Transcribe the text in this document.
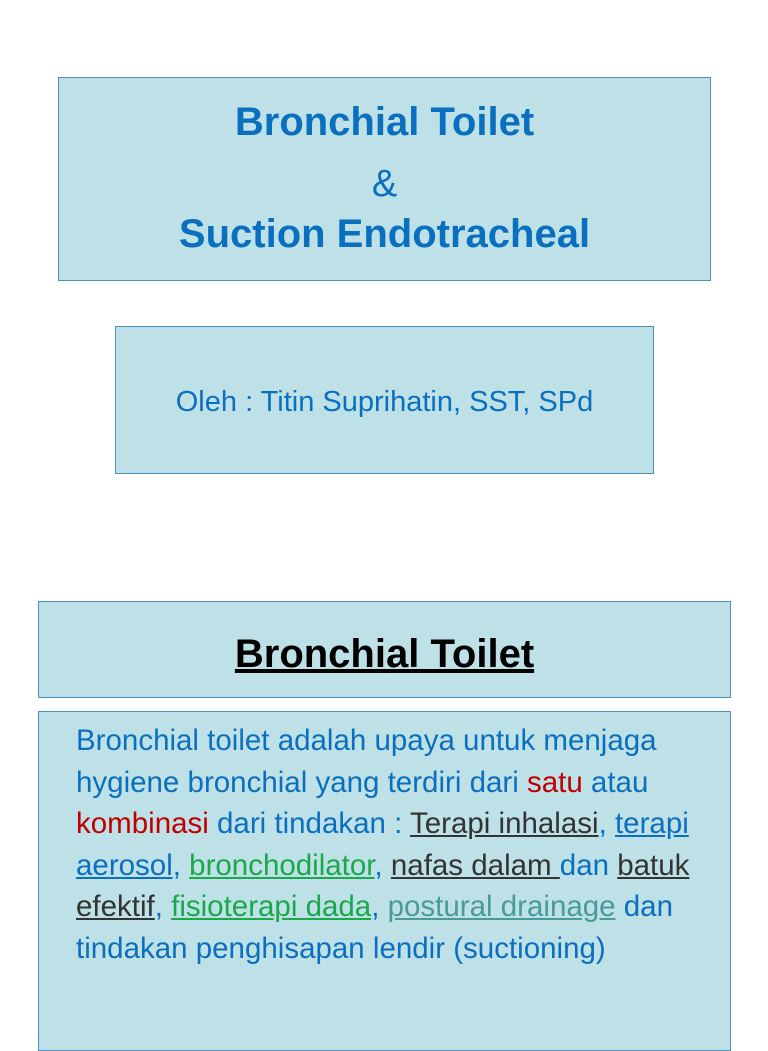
Bronchial Toilet
&
Suction Endotracheal
Oleh : Titin Suprihatin, SST, SPd
Bronchial Toilet
Bronchial toilet adalah upaya untuk menjaga hygiene bronchial yang terdiri dari satu atau kombinasi dari tindakan : Terapi inhalasi, terapi aerosol, bronchodilator, nafas dalam dan batuk efektif, fisioterapi dada, postural drainage dan tindakan penghisapan lendir (suctioning)
